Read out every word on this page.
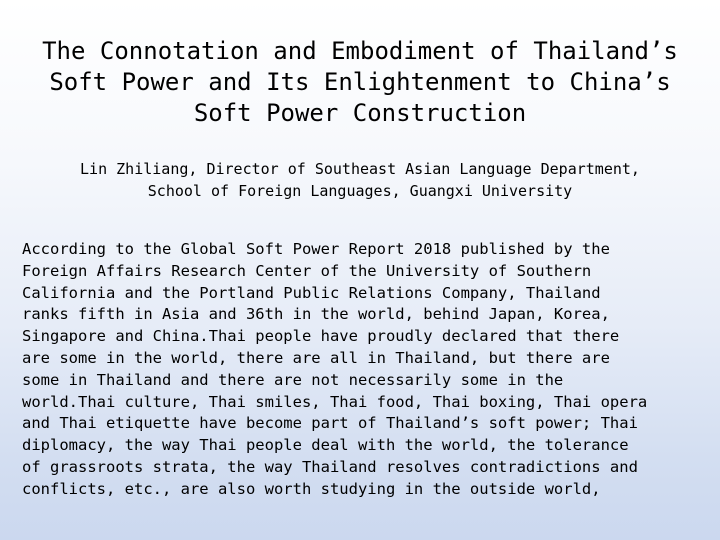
The Connotation and Embodiment of Thailand’s
Soft Power and Its Enlightenment to China’s
Soft Power Construction
Lin Zhiliang, Director of Southeast Asian Language Department,
School of Foreign Languages, Guangxi University
According to the Global Soft Power Report 2018 published by the
Foreign Affairs Research Center of the University of Southern
California and the Portland Public Relations Company, Thailand
ranks fifth in Asia and 36th in the world, behind Japan, Korea,
Singapore and China.Thai people have proudly declared that there
are some in the world, there are all in Thailand, but there are
some in Thailand and there are not necessarily some in the
world.Thai culture, Thai smiles, Thai food, Thai boxing, Thai opera
and Thai etiquette have become part of Thailand’s soft power; Thai
diplomacy, the way Thai people deal with the world, the tolerance
of grassroots strata, the way Thailand resolves contradictions and
conflicts, etc., are also worth studying in the outside world,
